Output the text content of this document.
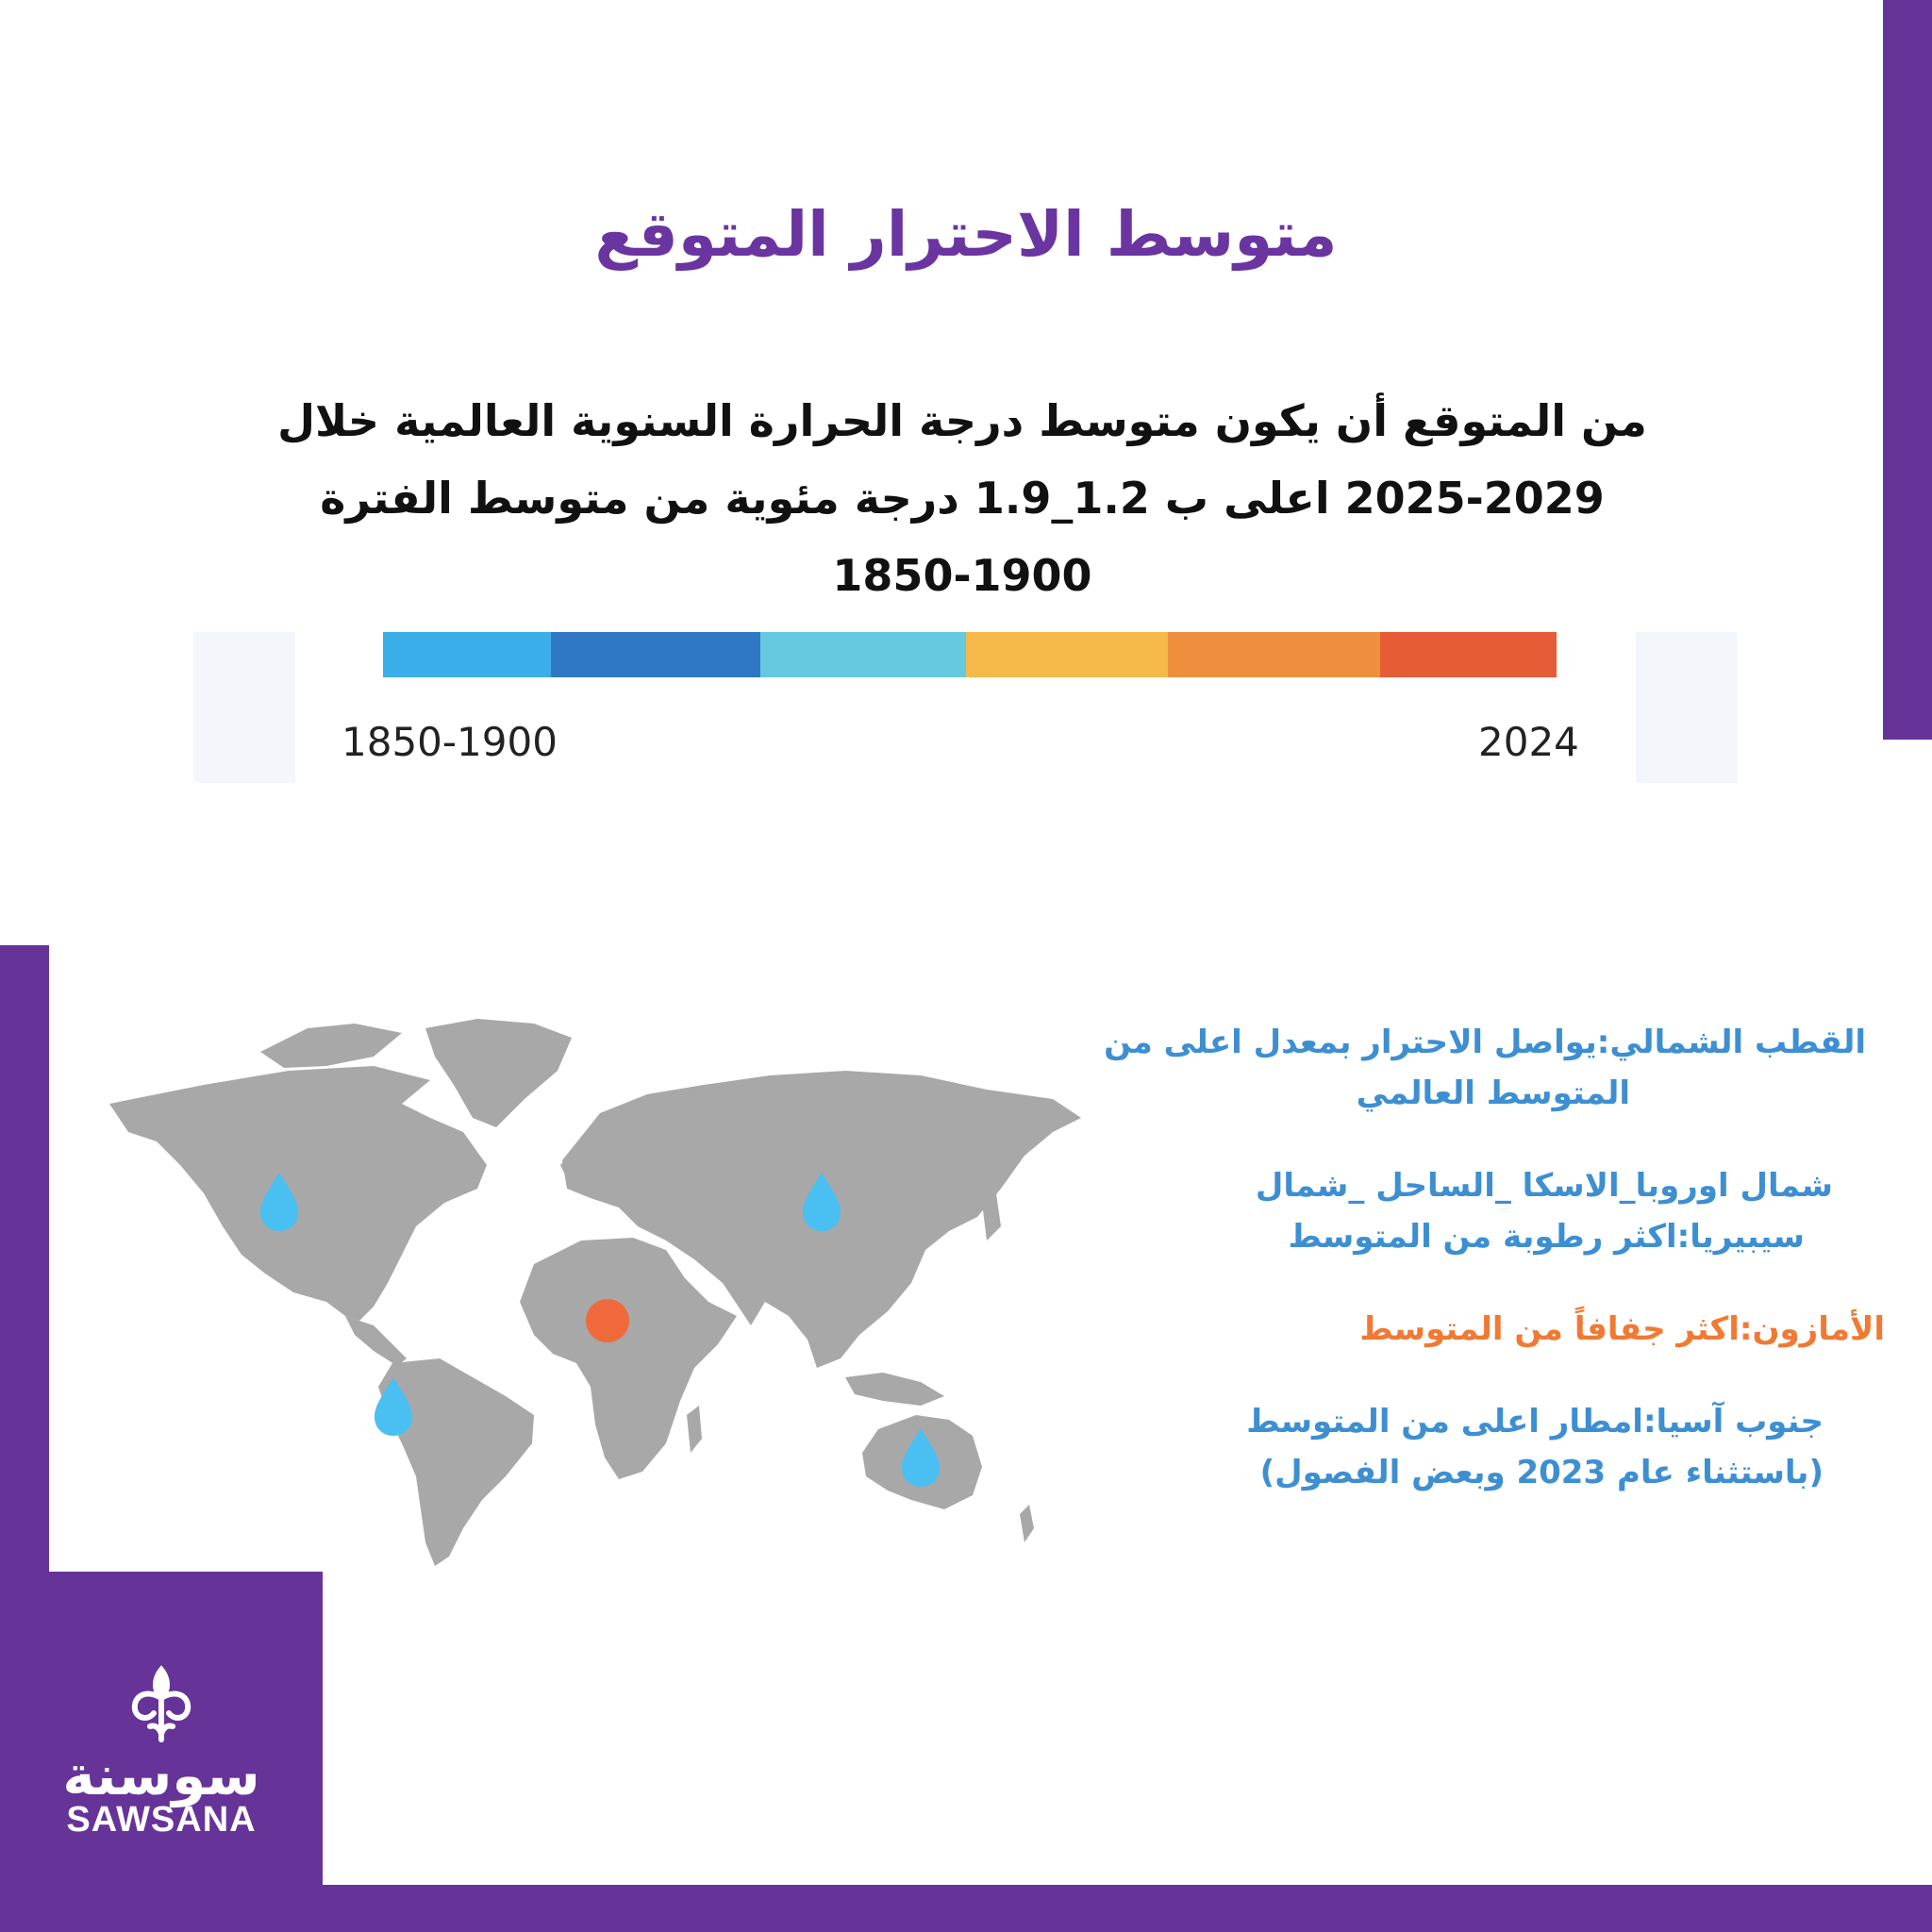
متوسط الاحترار المتوقع
من المتوقع أن يكون متوسط درجة الحرارة السنوية العالمية خلال
2025-2029 اعلى ب 1.2_1.9 درجة مئوية من متوسط الفترة
1850-1900
1850-1900	2024
القطب الشمالي:يواصل الاحترار بمعدل اعلى من
المتوسط العالمي
شمال اوروبا_الاسكا _الساحل _شمال
سيبيريا:اكثر رطوبة من المتوسط
الأمازون:اكثر جفافاً من المتوسط
جنوب آسيا:امطار اعلى من المتوسط
(باستثناء عام 2023 وبعض الفصول)
سوسنة
SAWSANA
